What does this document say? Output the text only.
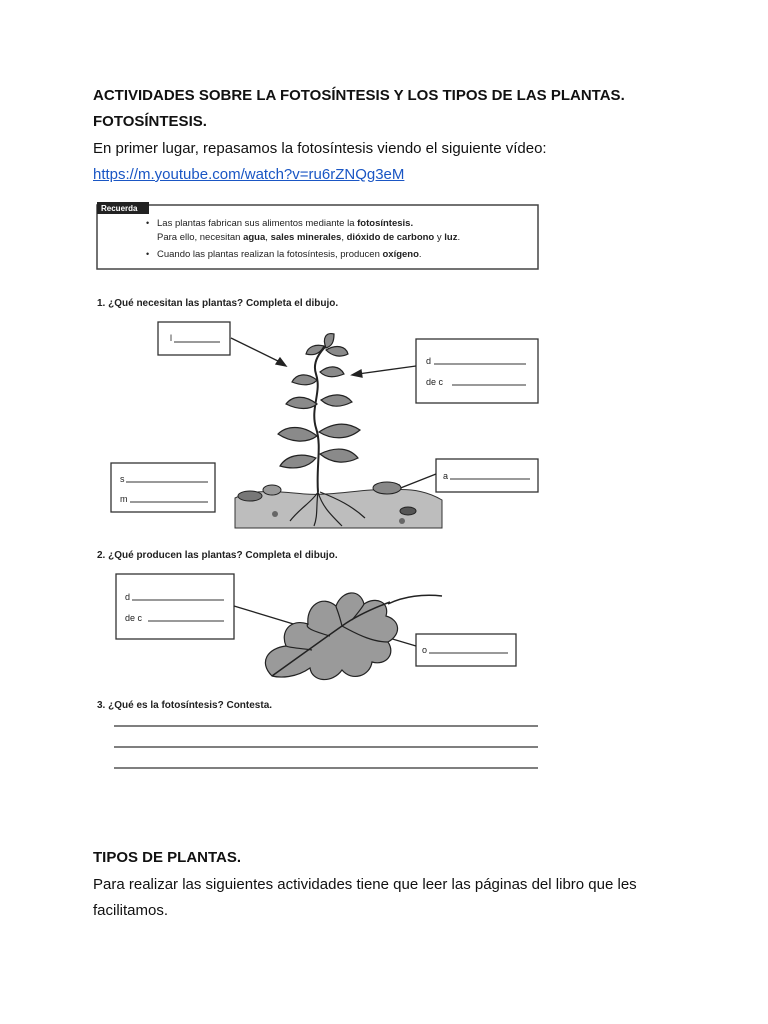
ACTIVIDADES SOBRE LA FOTOSÍNTESIS Y LOS TIPOS DE LAS PLANTAS.
FOTOSÍNTESIS.
En primer lugar, repasamos la fotosíntesis viendo el siguiente vídeo:
https://m.youtube.com/watch?v=ru6rZNQg3eM
Recuerda
• Las plantas fabrican sus alimentos mediante la fotosíntesis.
Para ello, necesitan agua, sales minerales, dióxido de carbono y luz.
• Cuando las plantas realizan la fotosíntesis, producen oxígeno.
1. ¿Qué necesitan las plantas? Completa el dibujo.
l
d
de c
s
m
a
2. ¿Qué producen las plantas? Completa el dibujo.
d
de c
o
3. ¿Qué es la fotosíntesis? Contesta.
TIPOS DE PLANTAS.
Para realizar las siguientes actividades tiene que leer las páginas del libro que les
facilitamos.
